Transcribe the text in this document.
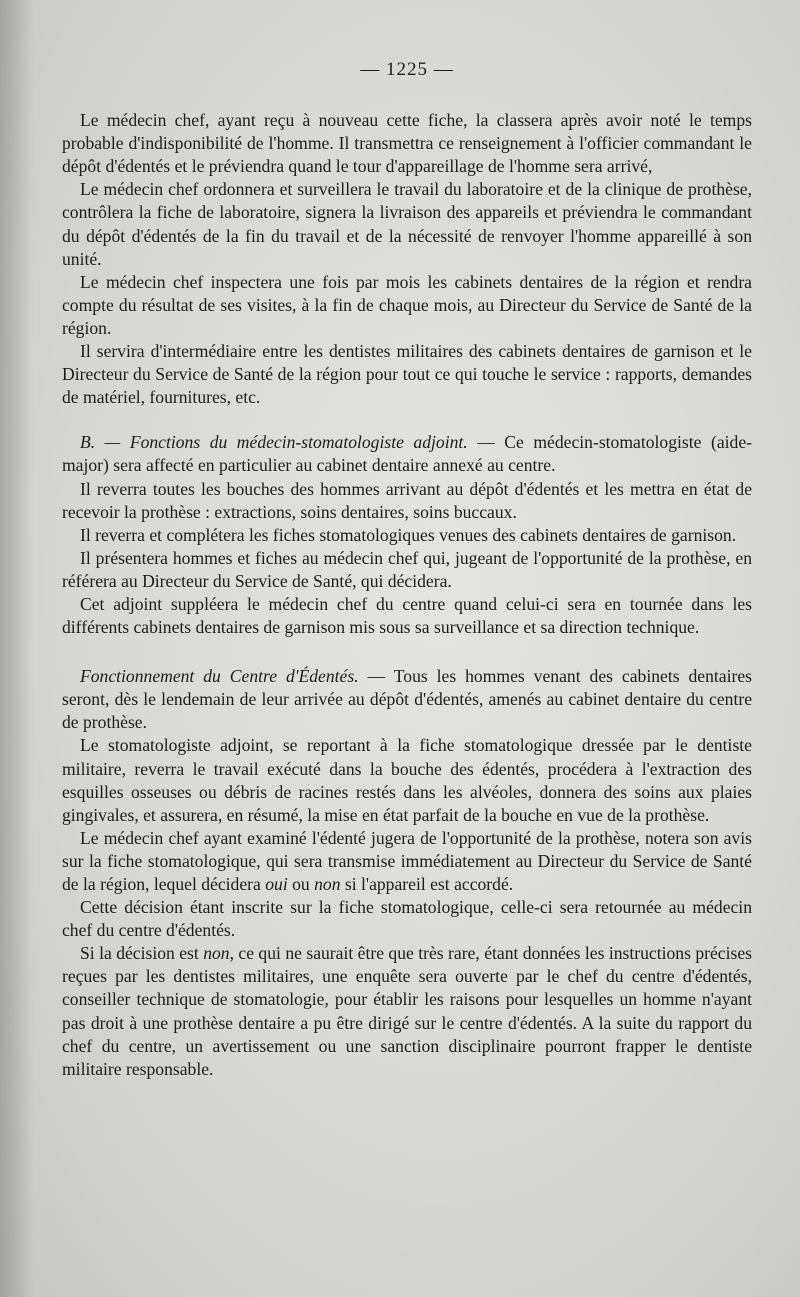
— 1225 —

Le médecin chef, ayant reçu à nouveau cette fiche, la classera après avoir noté le temps probable d'indisponibilité de l'homme. Il transmettra ce renseignement à l'officier commandant le dépôt d'édentés et le préviendra quand le tour d'appareillage de l'homme sera arrivé,

Le médecin chef ordonnera et surveillera le travail du laboratoire et de la clinique de prothèse, contrôlera la fiche de laboratoire, signera la livraison des appareils et préviendra le commandant du dépôt d'édentés de la fin du travail et de la nécessité de renvoyer l'homme appareillé à son unité.

Le médecin chef inspectera une fois par mois les cabinets dentaires de la région et rendra compte du résultat de ses visites, à la fin de chaque mois, au Directeur du Service de Santé de la région.

Il servira d'intermédiaire entre les dentistes militaires des cabinets dentaires de garnison et le Directeur du Service de Santé de la région pour tout ce qui touche le service : rapports, demandes de matériel, fournitures, etc.

B. — Fonctions du médecin-stomatologiste adjoint. — Ce médecin-stomatologiste (aide-major) sera affecté en particulier au cabinet dentaire annexé au centre.

Il reverra toutes les bouches des hommes arrivant au dépôt d'édentés et les mettra en état de recevoir la prothèse : extractions, soins dentaires, soins buccaux.

Il reverra et complétera les fiches stomatologiques venues des cabinets dentaires de garnison.

Il présentera hommes et fiches au médecin chef qui, jugeant de l'opportunité de la prothèse, en référera au Directeur du Service de Santé, qui décidera.

Cet adjoint suppléera le médecin chef du centre quand celui-ci sera en tournée dans les différents cabinets dentaires de garnison mis sous sa surveillance et sa direction technique.

Fonctionnement du Centre d'Édentés. — Tous les hommes venant des cabinets dentaires seront, dès le lendemain de leur arrivée au dépôt d'édentés, amenés au cabinet dentaire du centre de prothèse.

Le stomatologiste adjoint, se reportant à la fiche stomatologique dressée par le dentiste militaire, reverra le travail exécuté dans la bouche des édentés, procédera à l'extraction des esquilles osseuses ou débris de racines restés dans les alvéoles, donnera des soins aux plaies gingivales, et assurera, en résumé, la mise en état parfait de la bouche en vue de la prothèse.

Le médecin chef ayant examiné l'édenté jugera de l'opportunité de la prothèse, notera son avis sur la fiche stomatologique, qui sera transmise immédiatement au Directeur du Service de Santé de la région, lequel décidera oui ou non si l'appareil est accordé.

Cette décision étant inscrite sur la fiche stomatologique, celle-ci sera retournée au médecin chef du centre d'édentés.

Si la décision est non, ce qui ne saurait être que très rare, étant données les instructions précises reçues par les dentistes militaires, une enquête sera ouverte par le chef du centre d'édentés, conseiller technique de stomatologie, pour établir les raisons pour lesquelles un homme n'ayant pas droit à une prothèse dentaire a pu être dirigé sur le centre d'édentés. A la suite du rapport du chef du centre, un avertissement ou une sanction disciplinaire pourront frapper le dentiste militaire responsable.
